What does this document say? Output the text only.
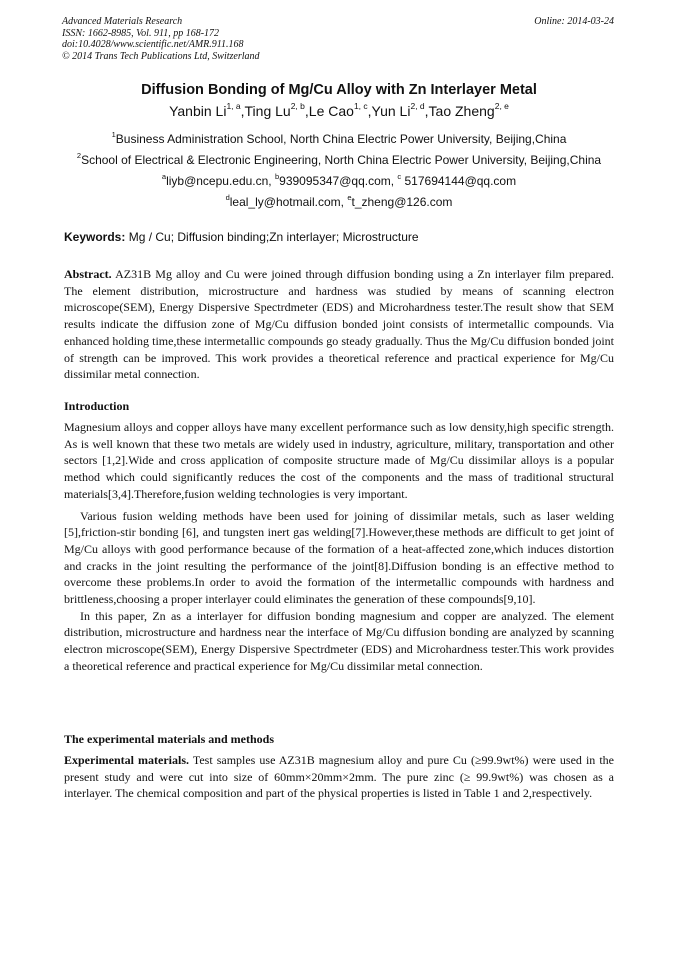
Advanced Materials Research
ISSN: 1662-8985, Vol. 911, pp 168-172
doi:10.4028/www.scientific.net/AMR.911.168
© 2014 Trans Tech Publications Ltd, Switzerland
Online: 2014-03-24
Diffusion Bonding of Mg/Cu Alloy with Zn Interlayer Metal
Yanbin Li$^{1, a}$,Ting Lu$^{2, b}$,Le Cao$^{1, c}$,Yun Li$^{2, d}$,Tao Zheng$^{2, e}$
$^1$Business Administration School, North China Electric Power University, Beijing,China
$^2$School of Electrical & Electronic Engineering, North China Electric Power University, Beijing,China
$^a$liyb@ncepu.edu.cn, $^b$939095347@qq.com, $^c$ 517694144@qq.com
$^d$leal_ly@hotmail.com, $^e$t_zheng@126.com
Keywords: Mg / Cu; Diffusion binding;Zn interlayer; Microstructure

Abstract. AZ31B Mg alloy and Cu were joined through diffusion bonding using a Zn interlayer film prepared. The element distribution, microstructure and hardness was studied by means of scanning electron microscope(SEM), Energy Dispersive Spectrdmeter (EDS) and Microhardness tester.The result show that SEM results indicate the diffusion zone of Mg/Cu diffusion bonded joint consists of intermetallic compounds. Via enhanced holding time,these intermetallic compounds go steady gradually. Thus the Mg/Cu diffusion bonded joint of strength can be improved. This work provides a theoretical reference and practical experience for Mg/Cu dissimilar metal connection.

Introduction

Magnesium alloys and copper alloys have many excellent performance such as low density,high specific strength. As is well known that these two metals are widely used in industry, agriculture, military, transportation and other sectors [1,2].Wide and cross application of composite structure made of Mg/Cu dissimilar alloys is a popular method which could significantly reduces the cost of the components and the mass of traditional structural materials[3,4].Therefore,fusion welding technologies is very important.

Various fusion welding methods have been used for joining of dissimilar metals, such as laser welding [5],friction-stir bonding [6], and tungsten inert gas welding[7].However,these methods are difficult to get joint of Mg/Cu alloys with good performance because of the formation of a heat-affected zone,which induces distortion and cracks in the joint resulting the performance of the joint[8].Diffusion bonding is an effective method to overcome these problems.In order to avoid the formation of the intermetallic compounds with hardness and brittleness,choosing a proper interlayer could eliminates the generation of these compounds[9,10].

In this paper, Zn as a interlayer for diffusion bonding magnesium and copper are analyzed. The element distribution, microstructure and hardness near the interface of Mg/Cu diffusion bonding are analyzed by scanning electron microscope(SEM), Energy Dispersive Spectrdmeter (EDS) and Microhardness tester.This work provides a theoretical reference and practical experience for Mg/Cu dissimilar metal connection.

The experimental materials and methods

Experimental materials. Test samples use AZ31B magnesium alloy and pure Cu (≥99.9wt%) were used in the present study and were cut into size of 60mm×20mm×2mm. The pure zinc (≥ 99.9wt%) was chosen as a interlayer. The chemical composition and part of the physical properties is listed in Table 1 and 2,respectively.
